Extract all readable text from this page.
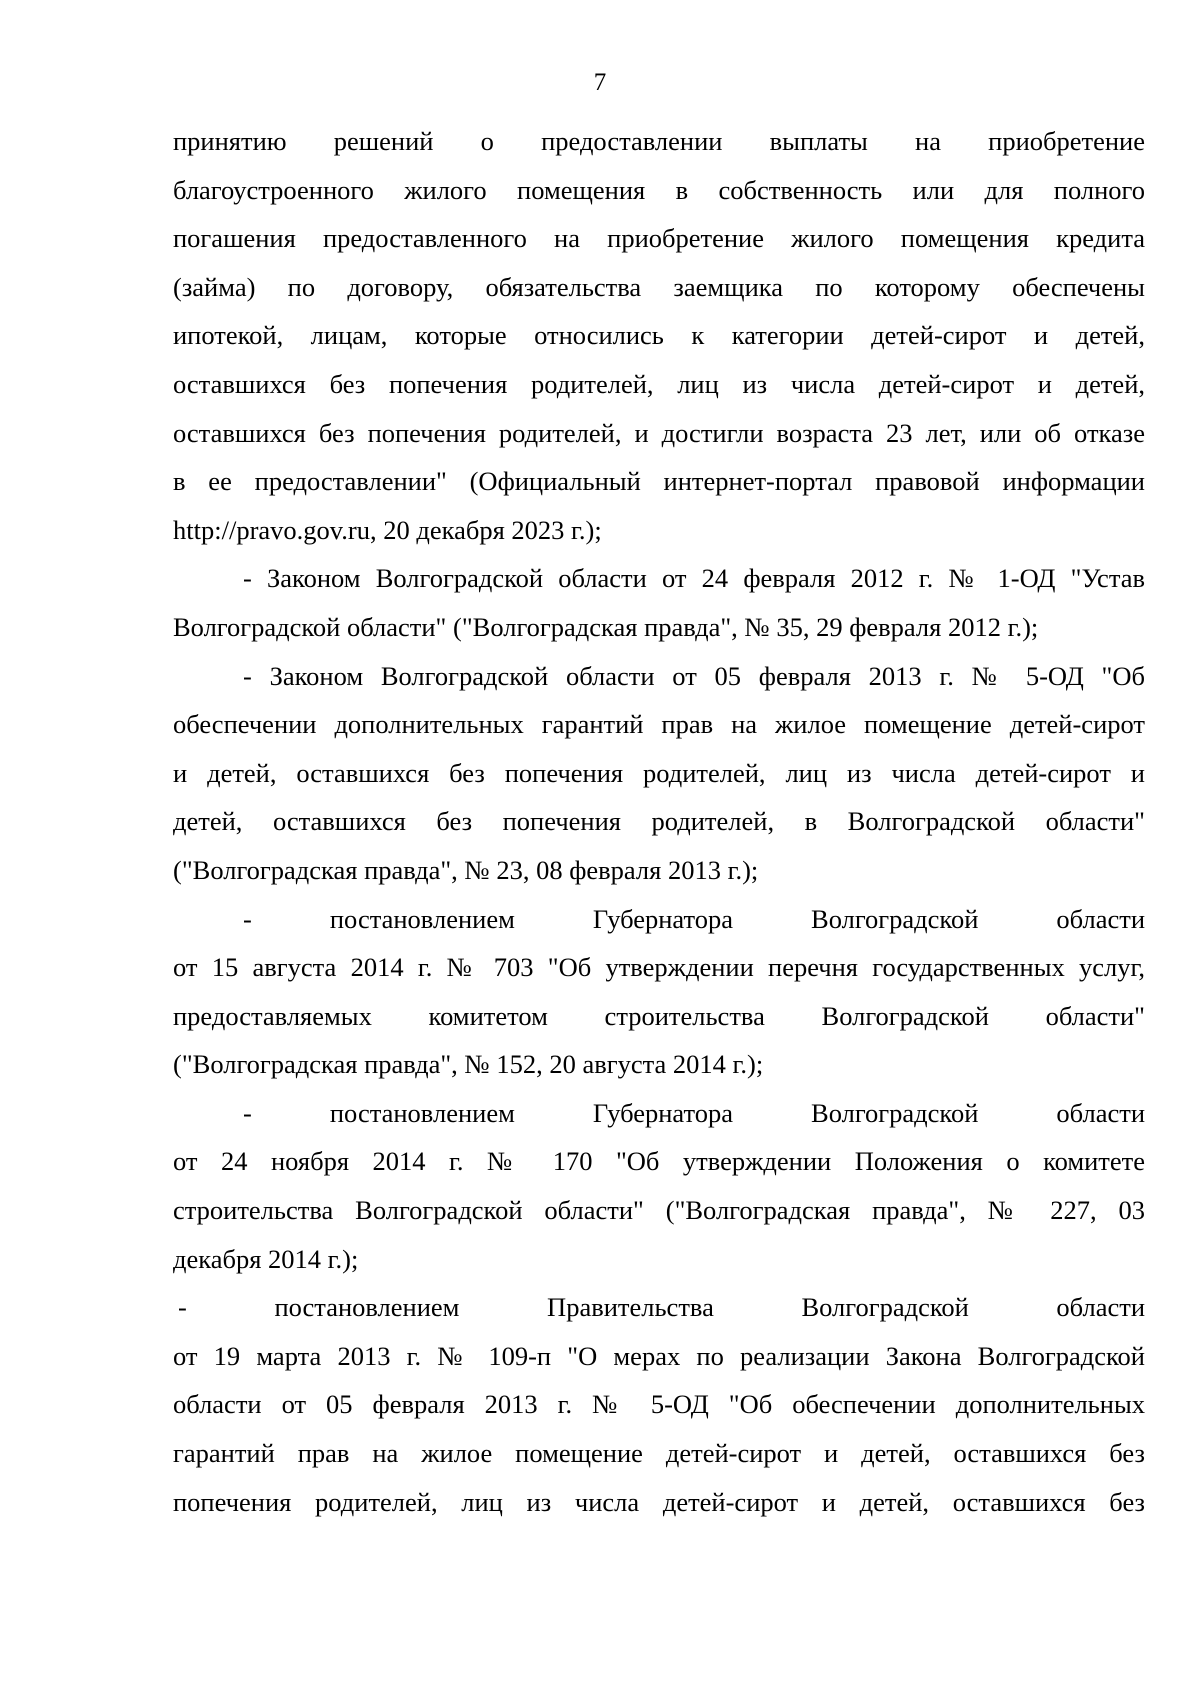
7
принятию решений о предоставлении выплаты на приобретение
благоустроенного жилого помещения в собственность или для полного
погашения предоставленного на приобретение жилого помещения кредита
(займа) по договору, обязательства заемщика по которому обеспечены
ипотекой, лицам, которые относились к категории детей-сирот и детей,
оставшихся без попечения родителей, лиц из числа детей-сирот и детей,
оставшихся без попечения родителей, и достигли возраста 23 лет, или об отказе
в ее предоставлении" (Официальный интернет-портал правовой информации
http://pravo.gov.ru, 20 декабря 2023 г.);
- Законом Волгоградской области от 24 февраля 2012 г. № 1-ОД "Устав
Волгоградской области" ("Волгоградская правда", № 35, 29 февраля 2012 г.);
- Законом Волгоградской области от 05 февраля 2013 г. № 5-ОД "Об
обеспечении дополнительных гарантий прав на жилое помещение детей-сирот
и детей, оставшихся без попечения родителей, лиц из числа детей-сирот и
детей, оставшихся без попечения родителей, в Волгоградской области"
("Волгоградская правда", № 23, 08 февраля 2013 г.);
- постановлением Губернатора Волгоградской области
от 15 августа 2014 г. № 703 "Об утверждении перечня государственных услуг,
предоставляемых комитетом строительства Волгоградской области"
("Волгоградская правда", № 152, 20 августа 2014 г.);
- постановлением Губернатора Волгоградской области
от 24 ноября 2014 г. № 170 "Об утверждении Положения о комитете
строительства Волгоградской области" ("Волгоградская правда", № 227, 03
декабря 2014 г.);
- постановлением Правительства Волгоградской области
от 19 марта 2013 г. № 109-п "О мерах по реализации Закона Волгоградской
области от 05 февраля 2013 г. № 5-ОД "Об обеспечении дополнительных
гарантий прав на жилое помещение детей-сирот и детей, оставшихся без
попечения родителей, лиц из числа детей-сирот и детей, оставшихся без
